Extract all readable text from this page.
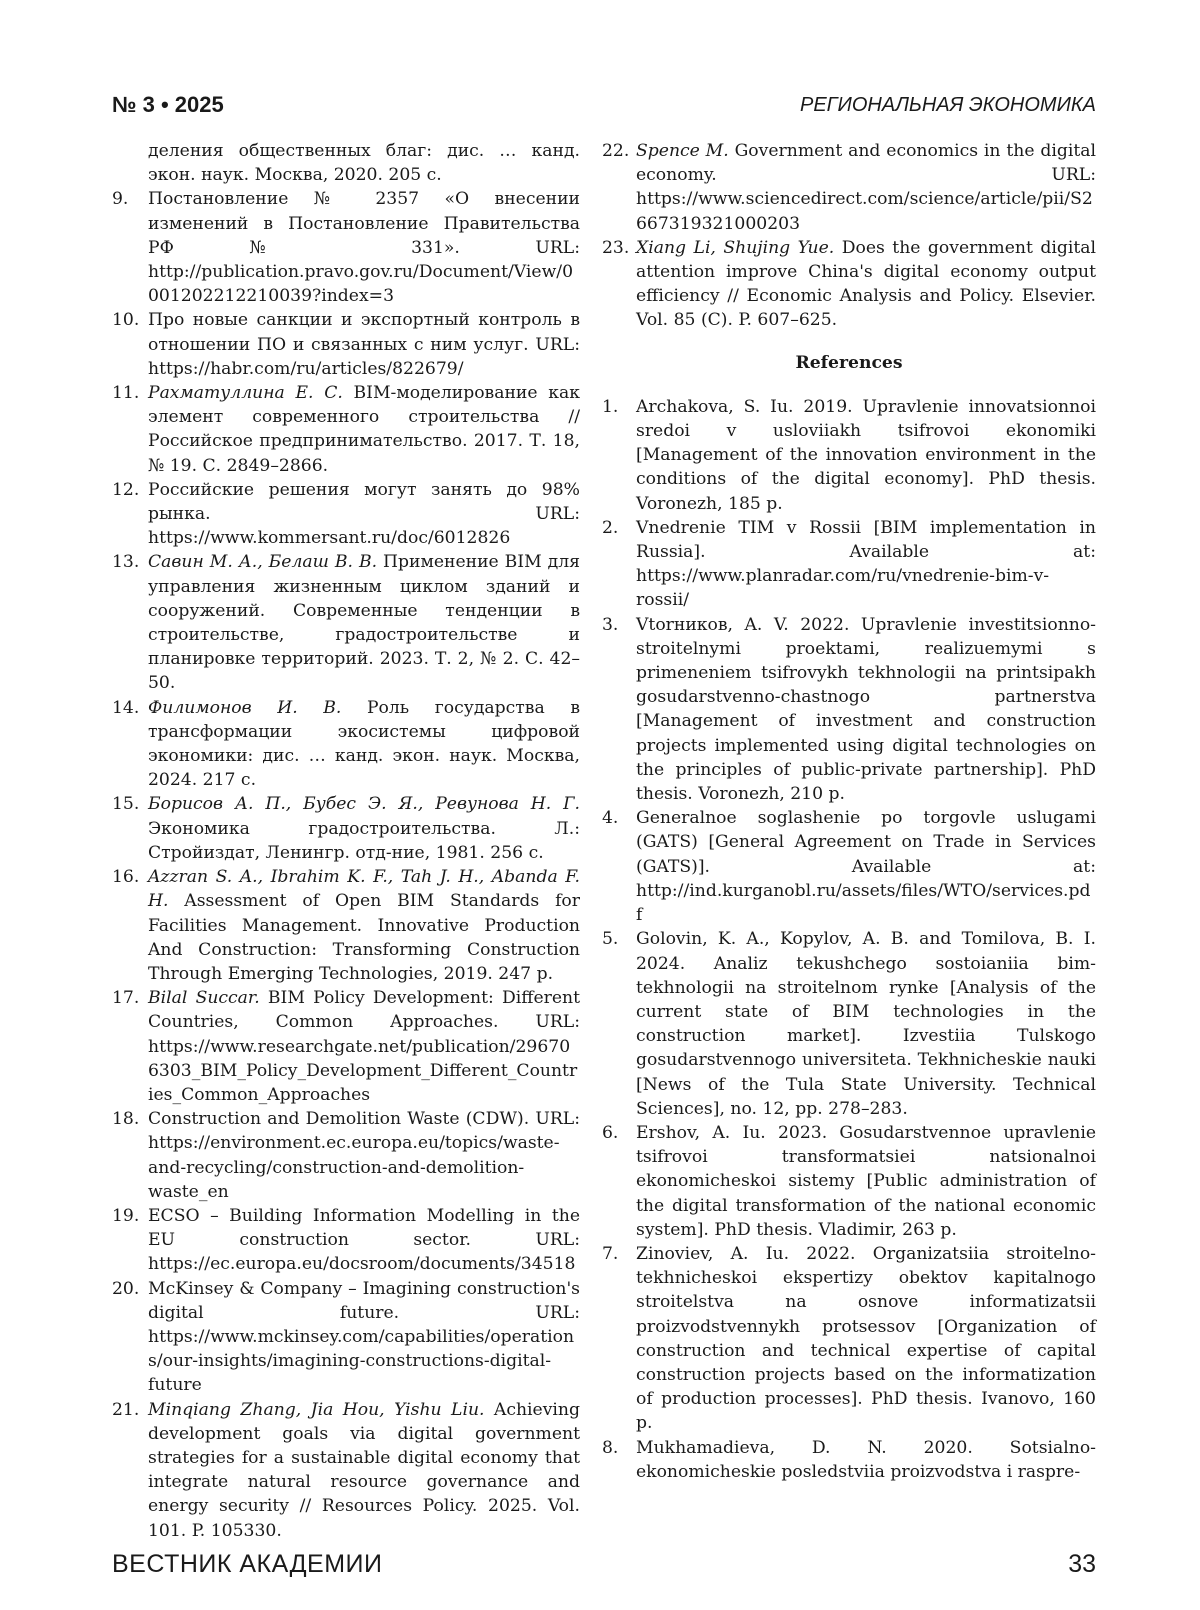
№ 3 • 2025	РЕГИОНАЛЬНАЯ ЭКОНОМИКА
деления общественных благ: дис. … канд. экон. наук. Москва, 2020. 205 с.
9.	Постановление № 2357 «О внесении изменений в Постановление Правительства РФ № 331». URL: http://publication.pravo.gov.ru/Document/View/0001202212210039?index=3
10. Про новые санкции и экспортный контроль в отношении ПО и связанных с ним услуг. URL: https://habr.com/ru/articles/822679/
11. Рахматуллина Е. С. BIM-моделирование как элемент современного строительства // Российское предпринимательство. 2017. Т. 18, № 19. С. 2849–2866.
12. Российские решения могут занять до 98% рынка. URL: https://www.kommersant.ru/doc/6012826
13. Савин М. А., Белаш В. В. Применение BIM для управления жизненным циклом зданий и сооружений. Современные тенденции в строительстве, градостроительстве и планировке территорий. 2023. Т. 2, № 2. С. 42–50.
14. Филимонов И. В. Роль государства в трансформации экосистемы цифровой экономики: дис. … канд. экон. наук. Москва, 2024. 217 с.
15. Борисов А. П., Бубес Э. Я., Ревунова Н. Г. Экономика градостроительства. Л.: Стройиздат, Ленингр. отд-ние, 1981. 256 с.
16. Azzran S. A., Ibrahim K. F., Tah J. H., Abanda F. H. Assessment of Open BIM Standards for Facilities Management. Innovative Production And Construction: Transforming Construction Through Emerging Technologies, 2019. 247 p.
17. Bilal Succar. BIM Policy Development: Different Countries, Common Approaches. URL: https://www.researchgate.net/publication/296706303_BIM_Policy_Development_Different_Countries_Common_Approaches
18. Construction and Demolition Waste (CDW). URL: https://environment.ec.europa.eu/topics/waste-and-recycling/construction-and-demolition-waste_en
19. ECSO – Building Information Modelling in the EU construction sector. URL: https://ec.europa.eu/docsroom/documents/34518
20. McKinsey & Company – Imagining construction's digital future. URL: https://www.mckinsey.com/capabilities/operations/our-insights/imagining-constructions-digital-future
21. Minqiang Zhang, Jia Hou, Yishu Liu. Achieving development goals via digital government strategies for a sustainable digital economy that integrate natural resource governance and energy security // Resources Policy. 2025. Vol. 101. P. 105330.
22. Spence M. Government and economics in the digital economy. URL: https://www.sciencedirect.com/science/article/pii/S2667319321000203
23. Xiang Li, Shujing Yue. Does the government digital attention improve China's digital economy output efficiency // Economic Analysis and Policy. Elsevier. Vol. 85 (C). P. 607–625.
References
1.	Archakova, S. Iu. 2019. Upravlenie innovatsionnoi sredoi v usloviiakh tsifrovoi ekonomiki [Management of the innovation environment in the conditions of the digital economy]. PhD thesis. Voronezh, 185 p.
2.	Vnedrenie TIM v Rossii [BIM implementation in Russia]. Available at: https://www.planradar.com/ru/vnedrenie-bim-v-rossii/
3.	Vtorников, A. V. 2022. Upravlenie investitsionno-stroitelnymi proektami, realizuemymi s primeneniem tsifrovykh tekhnologii na printsipakh gosudarstvenno-chastnogo partnerstva [Management of investment and construction projects implemented using digital technologies on the principles of public-private partnership]. PhD thesis. Voronezh, 210 p.
4.	Generalnoe soglashenie po torgovle uslugami (GATS) [General Agreement on Trade in Services (GATS)]. Available at: http://ind.kurganobl.ru/assets/files/WTO/services.pdf
5.	Golovin, K. A., Kopylov, A. B. and Tomilova, B. I. 2024. Analiz tekushchego sostoianiia bim-tekhnologii na stroitelnom rynke [Analysis of the current state of BIM technologies in the construction market]. Izvestiia Tulskogo gosudarstvennogo universiteta. Tekhnicheskie nauki [News of the Tula State University. Technical Sciences], no. 12, pp. 278–283.
6.	Ershov, A. Iu. 2023. Gosudarstvennoe upravlenie tsifrovoi transformatsiei natsionalnoi ekonomicheskoi sistemy [Public administration of the digital transformation of the national economic system]. PhD thesis. Vladimir, 263 p.
7.	Zinoviev, A. Iu. 2022. Organizatsiia stroitelno-tekhnicheskoi ekspertizy obektov kapitalnogo stroitelstva na osnove informatizatsii proizvodstvennykh protsessov [Organization of construction and technical expertise of capital construction projects based on the informatization of production processes]. PhD thesis. Ivanovo, 160 p.
8.	Mukhamadieva, D. N. 2020. Sotsialno-ekonomicheskie posledstviia proizvodstva i raspre-
ВЕСТНИК АКАДЕМИИ	33
